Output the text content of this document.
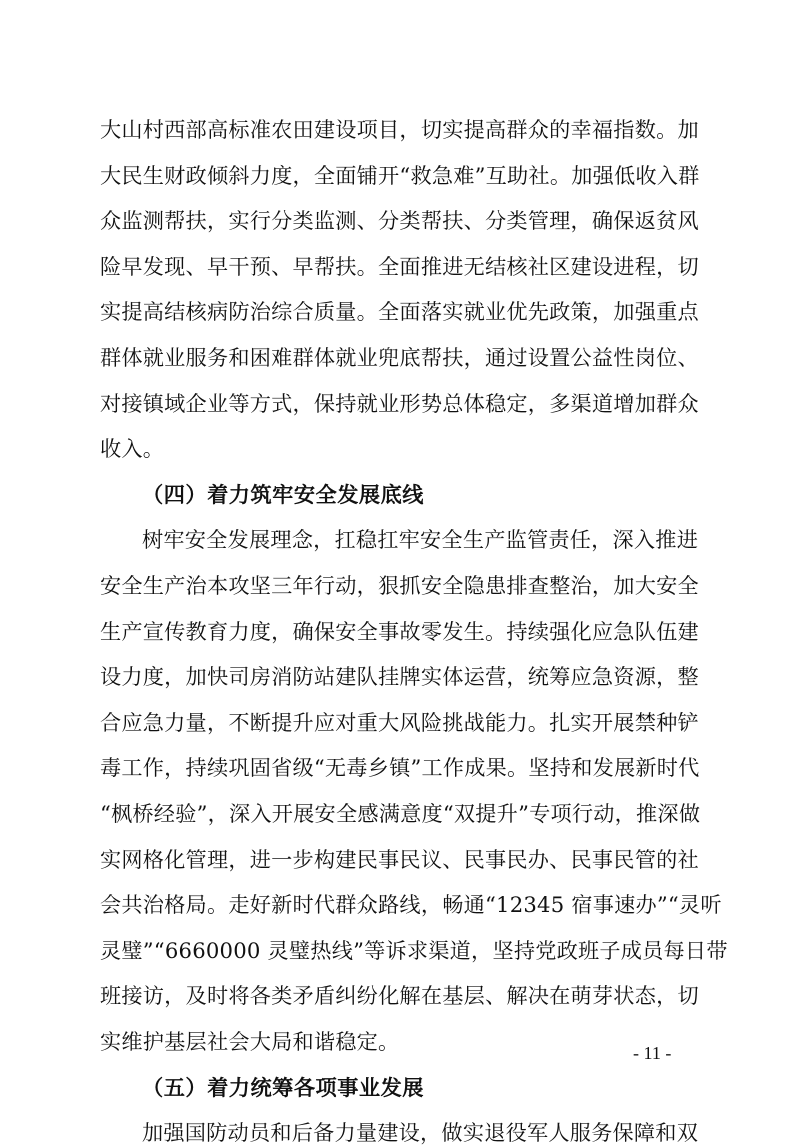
大山村西部高标准农田建设项目，切实提高群众的幸福指数。加
大民生财政倾斜力度，全面铺开“救急难”互助社。加强低收入群
众监测帮扶，实行分类监测、分类帮扶、分类管理，确保返贫风
险早发现、早干预、早帮扶。全面推进无结核社区建设进程，切
实提高结核病防治综合质量。全面落实就业优先政策，加强重点
群体就业服务和困难群体就业兜底帮扶，通过设置公益性岗位、
对接镇域企业等方式，保持就业形势总体稳定，多渠道增加群众
收入。
（四）着力筑牢安全发展底线
树牢安全发展理念，扛稳扛牢安全生产监管责任，深入推进
安全生产治本攻坚三年行动，狠抓安全隐患排查整治，加大安全
生产宣传教育力度，确保安全事故零发生。持续强化应急队伍建
设力度，加快司房消防站建队挂牌实体运营，统筹应急资源，整
合应急力量，不断提升应对重大风险挑战能力。扎实开展禁种铲
毒工作，持续巩固省级“无毒乡镇”工作成果。坚持和发展新时代
“枫桥经验”，深入开展安全感满意度“双提升”专项行动，推深做
实网格化管理，进一步构建民事民议、民事民办、民事民管的社
会共治格局。走好新时代群众路线，畅通“12345 宿事速办”“灵听
灵璧”“6660000 灵璧热线”等诉求渠道，坚持党政班子成员每日带
班接访，及时将各类矛盾纠纷化解在基层、解决在萌芽状态，切
实维护基层社会大局和谐稳定。
（五）着力统筹各项事业发展
加强国防动员和后备力量建设，做实退役军人服务保障和双
- 11 -
